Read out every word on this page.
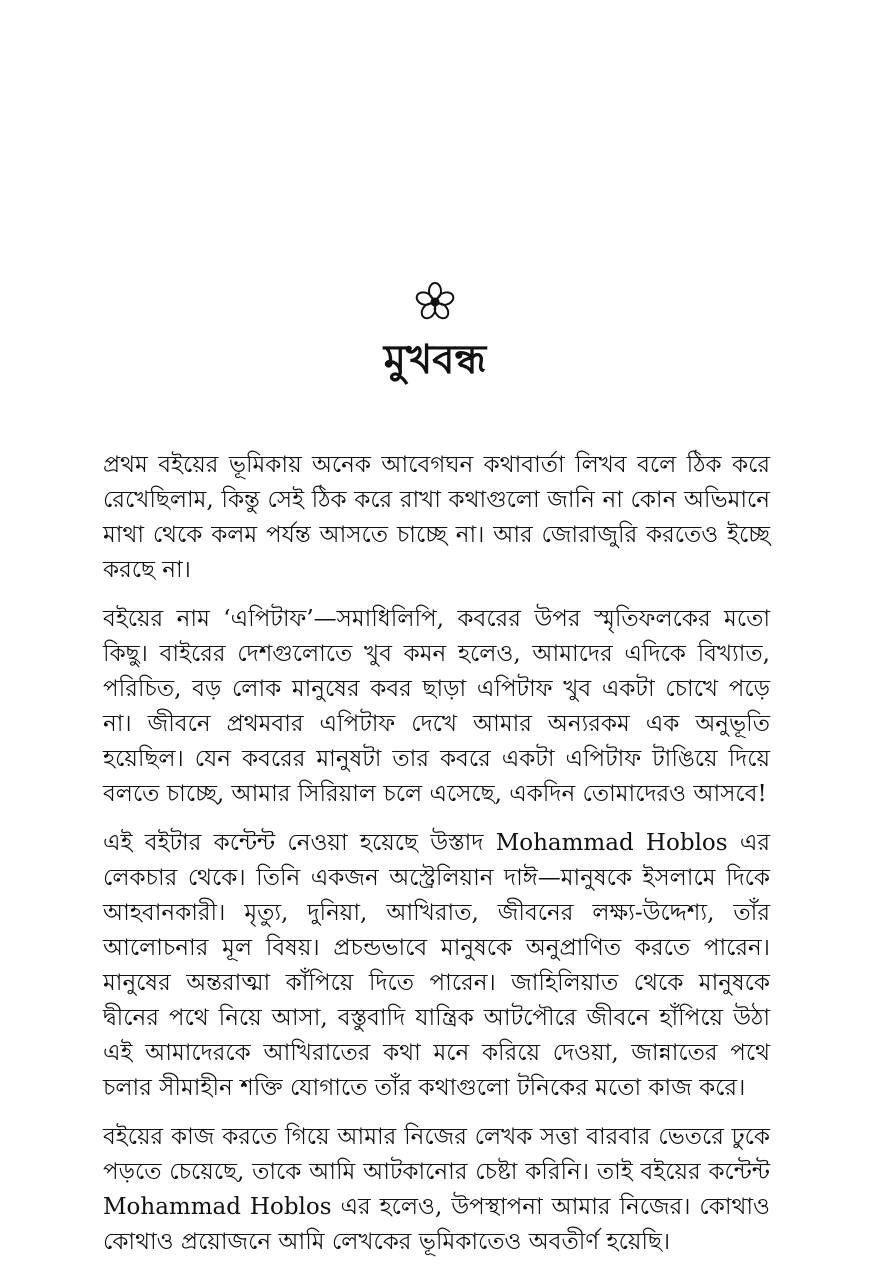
মুখবন্ধ

প্রথম বইয়ের ভূমিকায় অনেক আবেগঘন কথাবার্তা লিখব বলে ঠিক করে রেখেছিলাম, কিন্তু সেই ঠিক করে রাখা কথাগুলো জানি না কোন অভিমানে মাথা থেকে কলম পর্যন্ত আসতে চাচ্ছে না। আর জোরাজুরি করতেও ইচ্ছে করছে না।

বইয়ের নাম ‘এপিটাফ’—সমাধিলিপি, কবরের উপর স্মৃতিফলকের মতো কিছু। বাইরের দেশগুলোতে খুব কমন হলেও, আমাদের এদিকে বিখ্যাত, পরিচিত, বড় লোক মানুষের কবর ছাড়া এপিটাফ খুব একটা চোখে পড়ে না। জীবনে প্রথমবার এপিটাফ দেখে আমার অন্যরকম এক অনুভূতি হয়েছিল। যেন কবরের মানুষটা তার কবরে একটা এপিটাফ টাঙিয়ে দিয়ে বলতে চাচ্ছে, আমার সিরিয়াল চলে এসেছে, একদিন তোমাদেরও আসবে!

এই বইটার কন্টেন্ট নেওয়া হয়েছে উস্তাদ Mohammad Hoblos এর লেকচার থেকে। তিনি একজন অস্ট্রেলিয়ান দাঈ—মানুষকে ইসলামে দিকে আহবানকারী। মৃত্যু, দুনিয়া, আখিরাত, জীবনের লক্ষ্য-উদ্দেশ্য, তাঁর আলোচনার মূল বিষয়। প্রচন্ডভাবে মানুষকে অনুপ্রাণিত করতে পারেন। মানুষের অন্তরাত্মা কাঁপিয়ে দিতে পারেন। জাহিলিয়াত থেকে মানুষকে দ্বীনের পথে নিয়ে আসা, বস্তুবাদি যান্ত্রিক আটপৌরে জীবনে হাঁপিয়ে উঠা এই আমাদেরকে আখিরাতের কথা মনে করিয়ে দেওয়া, জান্নাতের পথে চলার সীমাহীন শক্তি যোগাতে তাঁর কথাগুলো টনিকের মতো কাজ করে।

বইয়ের কাজ করতে গিয়ে আমার নিজের লেখক সত্তা বারবার ভেতরে ঢুকে পড়তে চেয়েছে, তাকে আমি আটকানোর চেষ্টা করিনি। তাই বইয়ের কন্টেন্ট Mohammad Hoblos এর হলেও, উপস্থাপনা আমার নিজের। কোথাও কোথাও প্রয়োজনে আমি লেখকের ভূমিকাতেও অবতীর্ণ হয়েছি।
